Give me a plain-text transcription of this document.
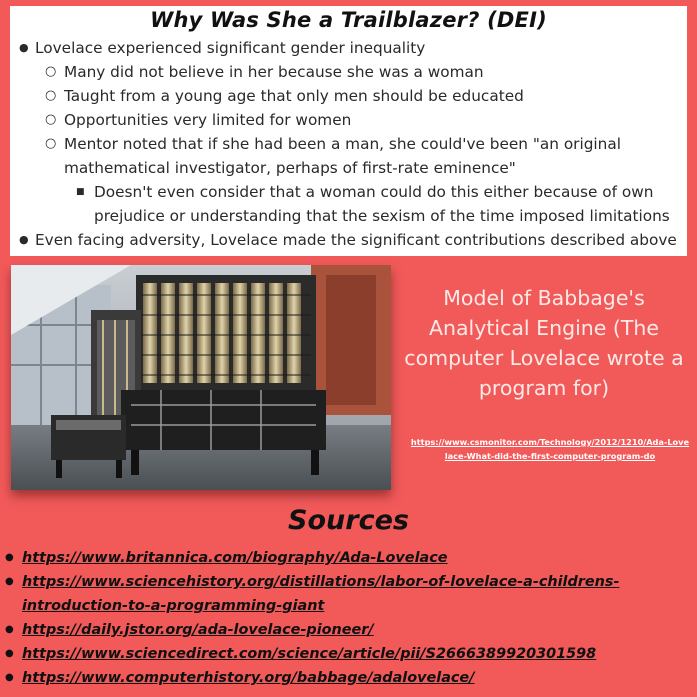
Why Was She a Trailblazer? (DEI)
● Lovelace experienced significant gender inequality
○ Many did not believe in her because she was a woman
○ Taught from a young age that only men should be educated
○ Opportunities very limited for women
○ Mentor noted that if she had been a man, she could've been "an original mathematical investigator, perhaps of first-rate eminence"
■ Doesn't even consider that a woman could do this either because of own prejudice or understanding that the sexism of the time imposed limitations
● Even facing adversity, Lovelace made the significant contributions described above
Model of Babbage's Analytical Engine (The computer Lovelace wrote a program for)
https://www.csmonitor.com/Technology/2012/1210/Ada-Lovelace-What-did-the-first-computer-program-do
Sources
● https://www.britannica.com/biography/Ada-Lovelace
● https://www.sciencehistory.org/distillations/labor-of-lovelace-a-childrens-introduction-to-a-programming-giant
● https://daily.jstor.org/ada-lovelace-pioneer/
● https://www.sciencedirect.com/science/article/pii/S2666389920301598
● https://www.computerhistory.org/babbage/adalovelace/
